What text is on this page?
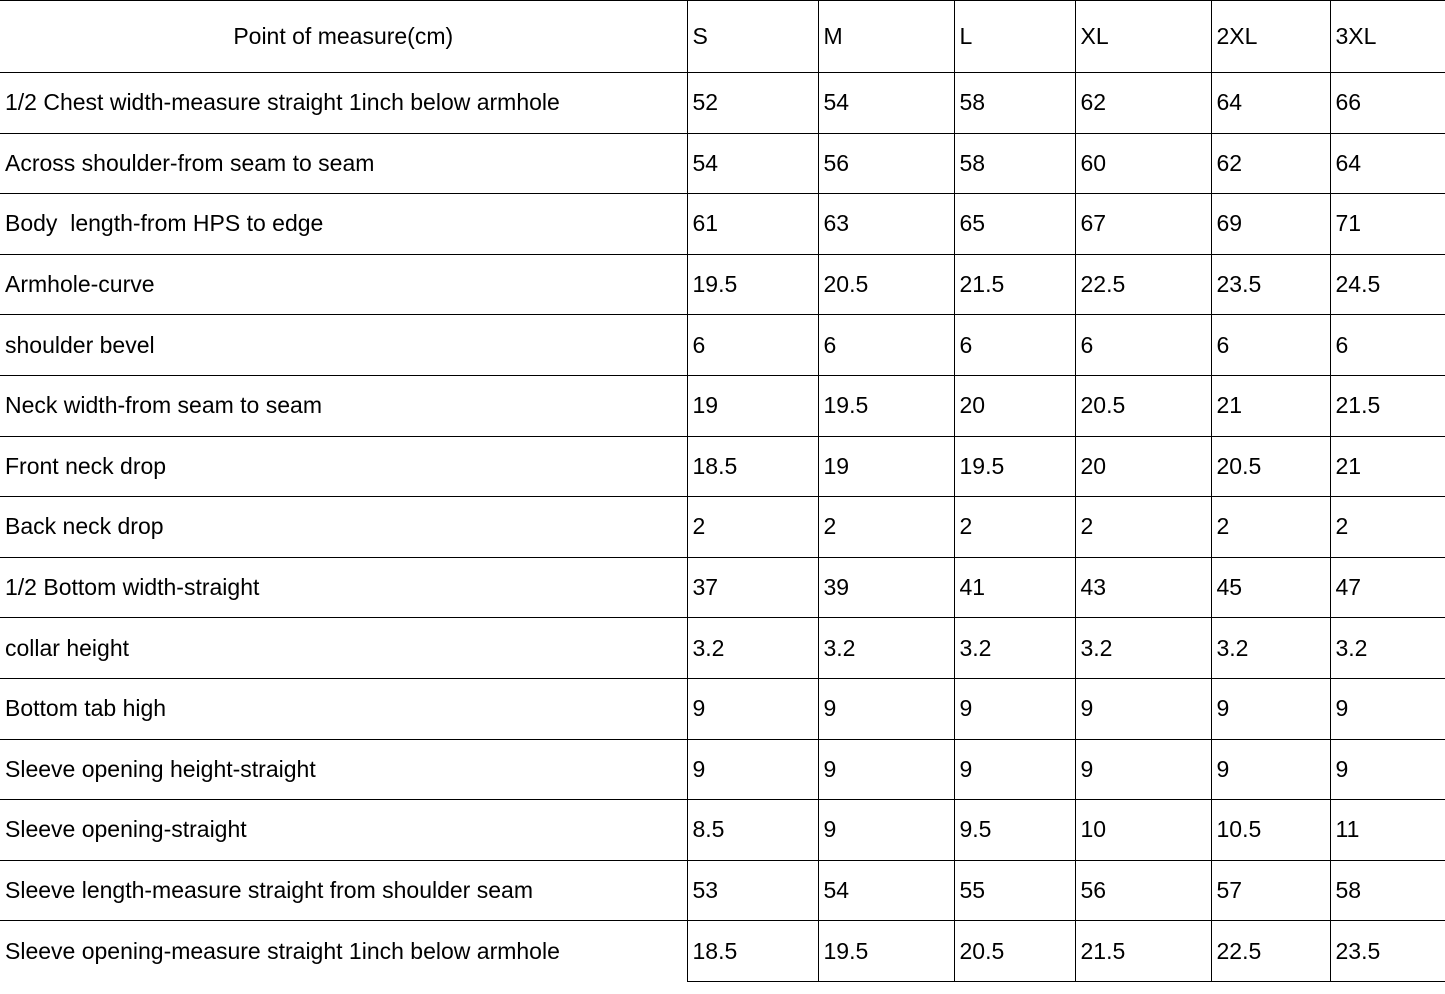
Point of measure(cm)	S	M	L	XL	2XL	3XL
1/2 Chest width-measure straight 1inch below armhole	52	54	58	62	64	66
Across shoulder-from seam to seam	54	56	58	60	62	64
Body  length-from HPS to edge	61	63	65	67	69	71
Armhole-curve	19.5	20.5	21.5	22.5	23.5	24.5
shoulder bevel	6	6	6	6	6	6
Neck width-from seam to seam	19	19.5	20	20.5	21	21.5
Front neck drop	18.5	19	19.5	20	20.5	21
Back neck drop	2	2	2	2	2	2
1/2 Bottom width-straight	37	39	41	43	45	47
collar height	3.2	3.2	3.2	3.2	3.2	3.2
Bottom tab high	9	9	9	9	9	9
Sleeve opening height-straight	9	9	9	9	9	9
Sleeve opening-straight	8.5	9	9.5	10	10.5	11
Sleeve length-measure straight from shoulder seam	53	54	55	56	57	58
Sleeve opening-measure straight 1inch below armhole	18.5	19.5	20.5	21.5	22.5	23.5
